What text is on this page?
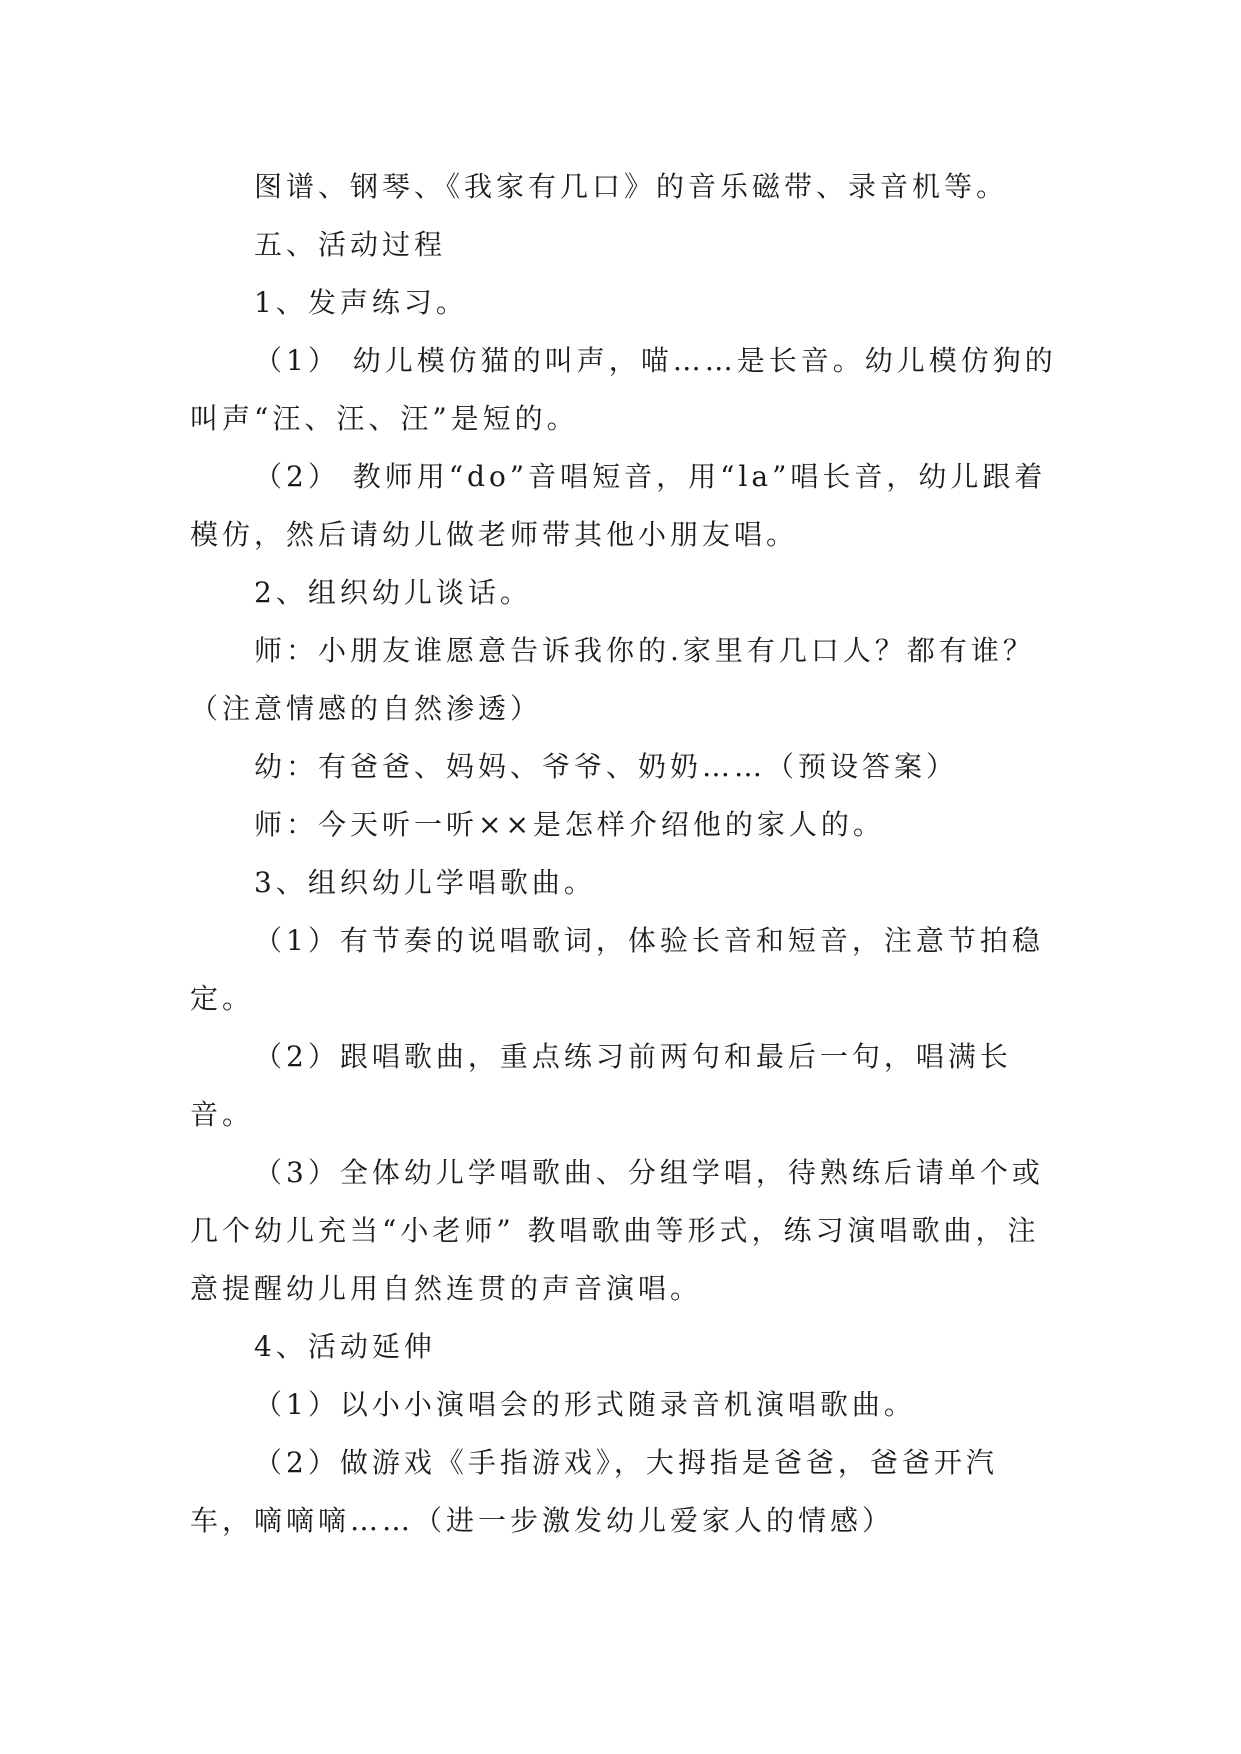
图谱、钢琴、《我家有几口》的音乐磁带、录音机等。

五、活动过程

1、发声练习。

（1） 幼儿模仿猫的叫声，喵……是长音。幼儿模仿狗的叫声“汪、汪、汪”是短的。

（2） 教师用“do”音唱短音，用“la”唱长音，幼儿跟着模仿，然后请幼儿做老师带其他小朋友唱。

2、组织幼儿谈话。

师：小朋友谁愿意告诉我你的.家里有几口人？都有谁？（注意情感的自然渗透）

幼：有爸爸、妈妈、爷爷、奶奶……（预设答案）

师：今天听一听××是怎样介绍他的家人的。

3、组织幼儿学唱歌曲。

（1）有节奏的说唱歌词，体验长音和短音，注意节拍稳定。

（2）跟唱歌曲，重点练习前两句和最后一句，唱满长音。

（3）全体幼儿学唱歌曲、分组学唱，待熟练后请单个或几个幼儿充当“小老师” 教唱歌曲等形式，练习演唱歌曲，注意提醒幼儿用自然连贯的声音演唱。

4、活动延伸

（1）以小小演唱会的形式随录音机演唱歌曲。

（2）做游戏《手指游戏》，大拇指是爸爸，爸爸开汽车，嘀嘀嘀……（进一步激发幼儿爱家人的情感）
